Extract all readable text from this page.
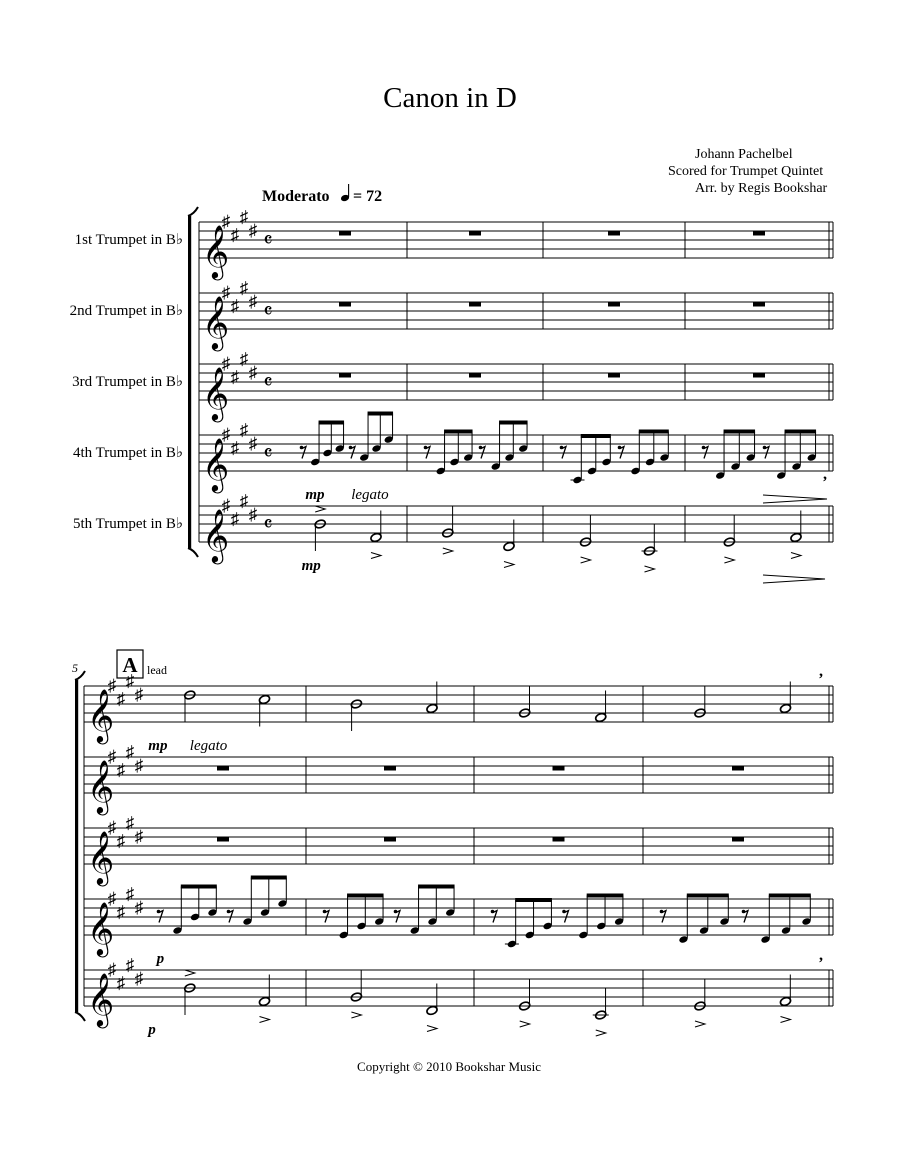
Canon in D
Johann Pachelbel
Scored for Trumpet Quintet
Arr. by Regis Bookshar
Moderato = 72
1st Trumpet in B♭ 𝄞
♯
♯
♯
♯ 𝄴
2nd Trumpet in B♭ 𝄞
♯
♯
♯
♯ 𝄴
3rd Trumpet in B♭ 𝄞
♯
♯
♯
♯ 𝄴
4th Trumpet in B♭ 𝄞
♯
♯
♯
♯ 𝄴
mp legato
,
5th Trumpet in B♭ 𝄞
♯
♯
♯
♯ 𝄴
mp
5 A lead
𝄞
♯
♯
♯
♯
mp legato
,
𝄞
♯
♯
♯
♯
𝄞
♯
♯
♯
♯
𝄞
♯
♯
♯
♯
p
𝄞
♯
♯
♯
♯
p
,
Copyright © 2010 Bookshar Music
